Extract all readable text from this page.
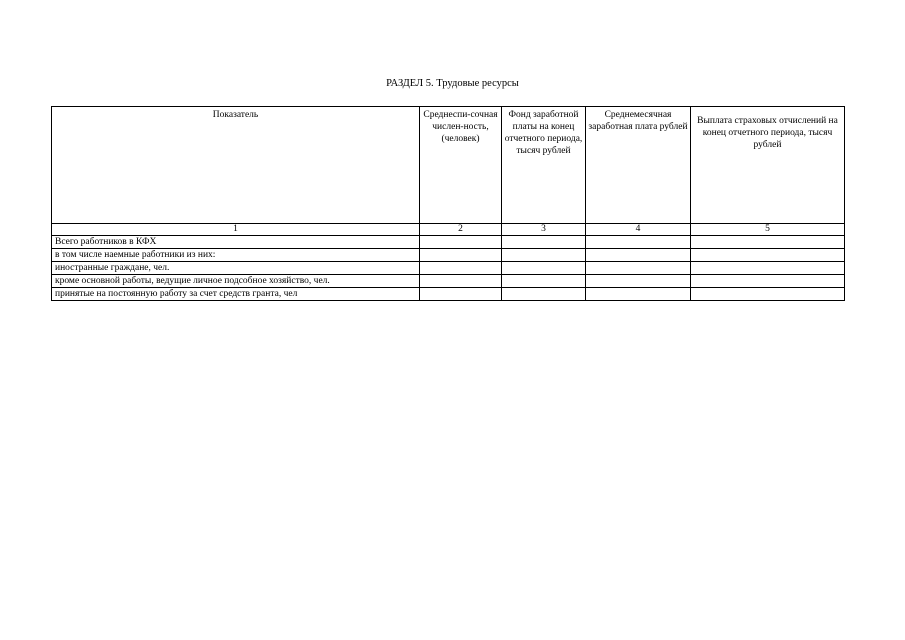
РАЗДЕЛ 5. Трудовые ресурсы
Показатель	Среднеспи-сочная числен-ность, (человек)	Фонд заработной платы на конец отчетного периода, тысяч рублей	Среднемесячная заработная плата рублей	Выплата страховых отчислений на конец отчетного периода, тысяч рублей
1	2	3	4	5
Всего работников в КФХ				
в том числе наемные работники из них:				
иностранные граждане, чел.				
кроме основной работы, ведущие личное подсобное хозяйство, чел.				
принятые на постоянную работу за счет средств гранта, чел				
